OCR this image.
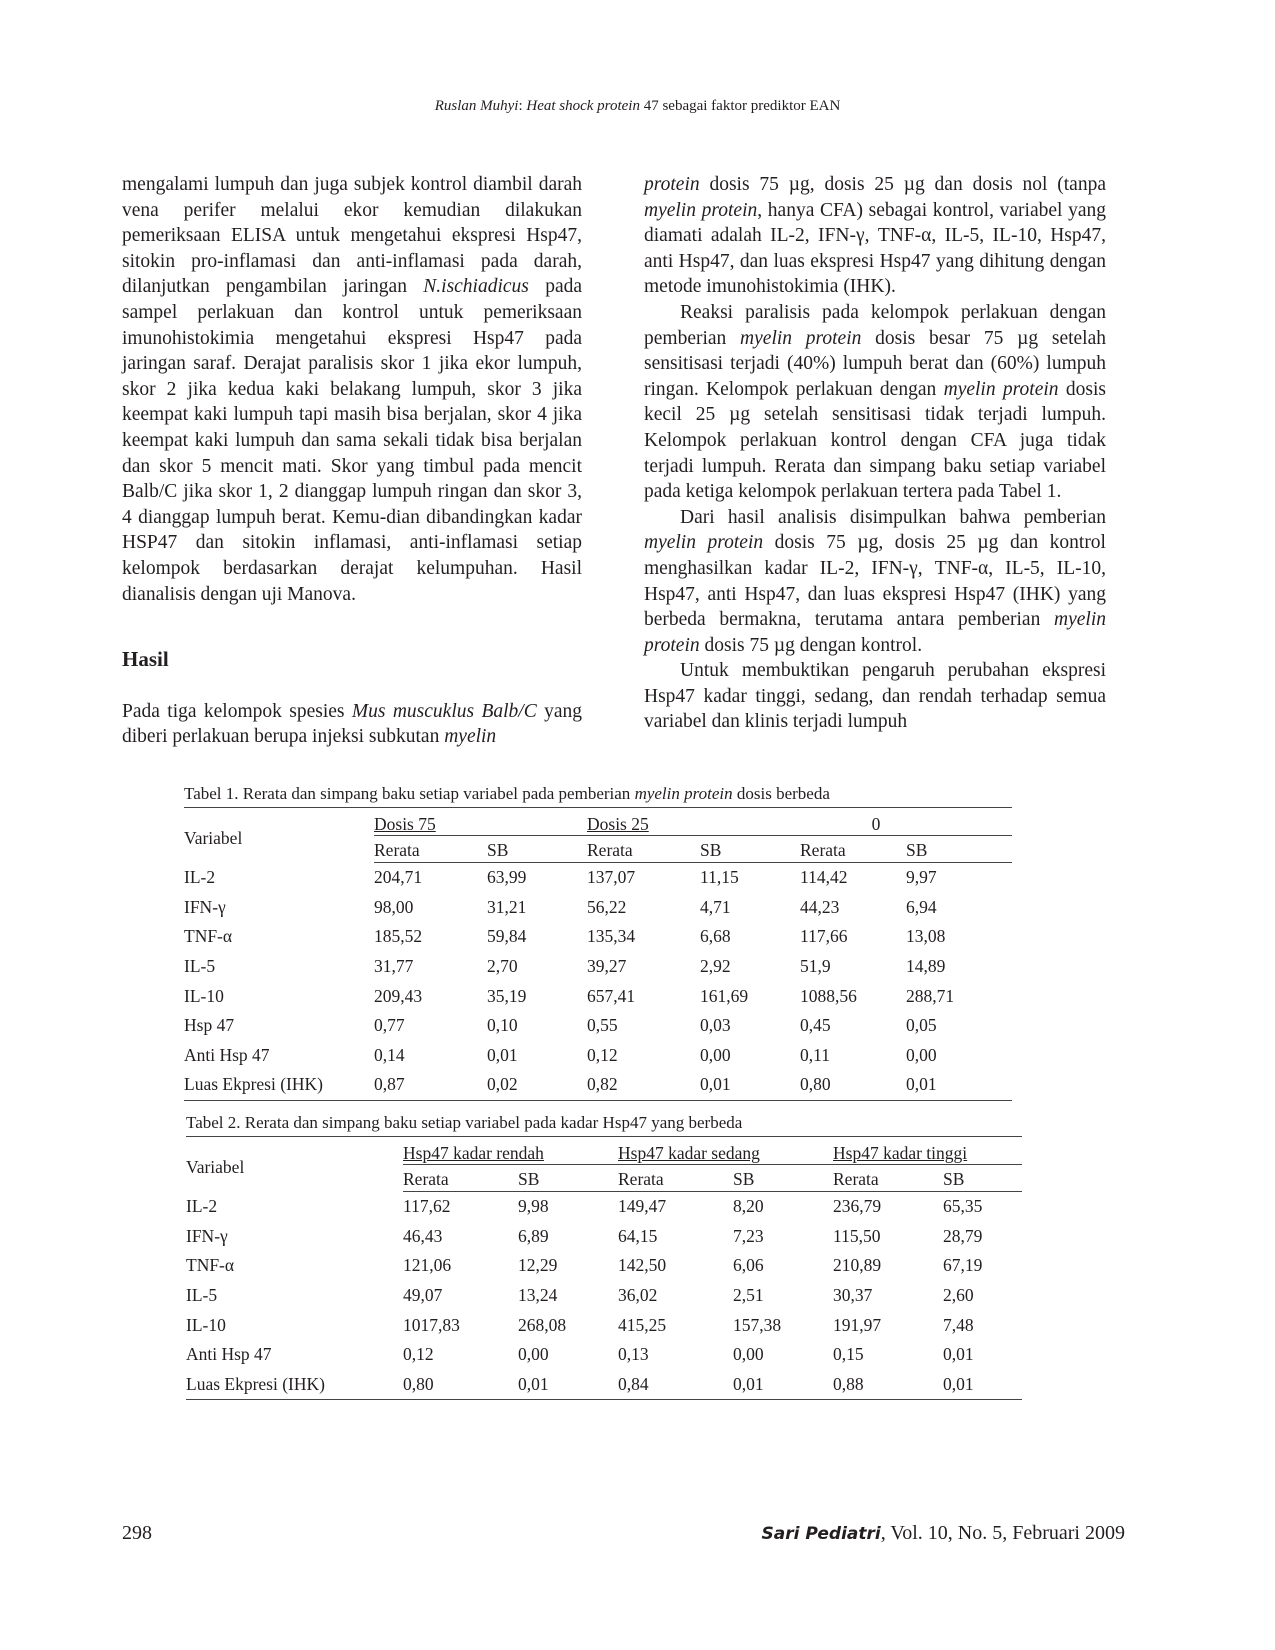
Ruslan Muhyi: Heat shock protein 47 sebagai faktor prediktor EAN

mengalami lumpuh dan juga subjek kontrol diambil darah vena perifer melalui ekor kemudian dilakukan pemeriksaan ELISA untuk mengetahui ekspresi Hsp47, sitokin pro-inflamasi dan anti-inflamasi pada darah, dilanjutkan pengambilan jaringan N.ischiadicus pada sampel perlakuan dan kontrol untuk pemeriksaan imunohistokimia mengetahui ekspresi Hsp47 pada jaringan saraf. Derajat paralisis skor 1 jika ekor lumpuh, skor 2 jika kedua kaki belakang lumpuh, skor 3 jika keempat kaki lumpuh tapi masih bisa berjalan, skor 4 jika keempat kaki lumpuh dan sama sekali tidak bisa berjalan dan skor 5 mencit mati. Skor yang timbul pada mencit Balb/C jika skor 1, 2 dianggap lumpuh ringan dan skor 3, 4 dianggap lumpuh berat. Kemu-dian dibandingkan kadar HSP47 dan sitokin inflamasi, anti-inflamasi setiap kelompok berdasarkan derajat kelumpuhan. Hasil dianalisis dengan uji Manova.

Hasil

Pada tiga kelompok spesies Mus muscuklus Balb/C yang diberi perlakuan berupa injeksi subkutan myelin

protein dosis 75 µg, dosis 25 µg dan dosis nol (tanpa myelin protein, hanya CFA) sebagai kontrol, variabel yang diamati adalah IL-2, IFN-γ, TNF-α, IL-5, IL-10, Hsp47, anti Hsp47, dan luas ekspresi Hsp47 yang dihitung dengan metode imunohistokimia (IHK).

Reaksi paralisis pada kelompok perlakuan dengan pemberian myelin protein dosis besar 75 µg setelah sensitisasi terjadi (40%) lumpuh berat dan (60%) lumpuh ringan. Kelompok perlakuan dengan myelin protein dosis kecil 25 µg setelah sensitisasi tidak terjadi lumpuh. Kelompok perlakuan kontrol dengan CFA juga tidak terjadi lumpuh. Rerata dan simpang baku setiap variabel pada ketiga kelompok perlakuan tertera pada Tabel 1.

Dari hasil analisis disimpulkan bahwa pemberian myelin protein dosis 75 µg, dosis 25 µg dan kontrol menghasilkan kadar IL-2, IFN-γ, TNF-α, IL-5, IL-10, Hsp47, anti Hsp47, dan luas ekspresi Hsp47 (IHK) yang berbeda bermakna, terutama antara pemberian myelin protein dosis 75 µg dengan kontrol.

Untuk membuktikan pengaruh perubahan ekspresi Hsp47 kadar tinggi, sedang, dan rendah terhadap semua variabel dan klinis terjadi lumpuh

Tabel 1. Rerata dan simpang baku setiap variabel pada pemberian myelin protein dosis berbeda
Variabel	Dosis 75		Dosis 25		0	
	Rerata	SB	Rerata	SB	Rerata	SB
IL-2	204,71	63,99	137,07	11,15	114,42	9,97
IFN-γ	98,00	31,21	56,22	4,71	44,23	6,94
TNF-α	185,52	59,84	135,34	6,68	117,66	13,08
IL-5	31,77	2,70	39,27	2,92	51,9	14,89
IL-10	209,43	35,19	657,41	161,69	1088,56	288,71
Hsp 47	0,77	0,10	0,55	0,03	0,45	0,05
Anti Hsp 47	0,14	0,01	0,12	0,00	0,11	0,00
Luas Ekpresi (IHK)	0,87	0,02	0,82	0,01	0,80	0,01
Tabel 2. Rerata dan simpang baku setiap variabel pada kadar Hsp47 yang berbeda
Variabel	Hsp47 kadar rendah		Hsp47 kadar sedang		Hsp47 kadar tinggi	
	Rerata	SB	Rerata	SB	Rerata	SB
IL-2	117,62	9,98	149,47	8,20	236,79	65,35
IFN-γ	46,43	6,89	64,15	7,23	115,50	28,79
TNF-α	121,06	12,29	142,50	6,06	210,89	67,19
IL-5	49,07	13,24	36,02	2,51	30,37	2,60
IL-10	1017,83	268,08	415,25	157,38	191,97	7,48
Anti Hsp 47	0,12	0,00	0,13	0,00	0,15	0,01
Luas Ekpresi (IHK)	0,80	0,01	0,84	0,01	0,88	0,01
298	Sari Pediatri, Vol. 10, No. 5, Februari 2009
